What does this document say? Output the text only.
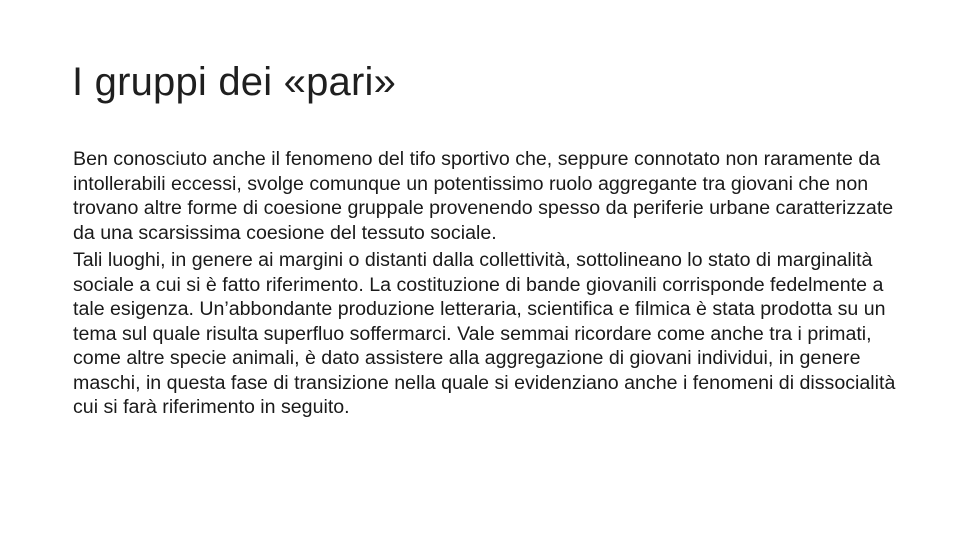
I gruppi dei «pari»

Ben conosciuto anche il fenomeno del tifo sportivo che, seppure connotato non raramente da intollerabili eccessi, svolge comunque un potentissimo ruolo aggregante tra giovani che non trovano altre forme di coesione gruppale provenendo spesso da periferie urbane caratterizzate da una scarsissima coesione del tessuto sociale.

Tali luoghi, in genere ai margini o distanti dalla collettività, sottolineano lo stato di marginalità sociale a cui si è fatto riferimento. La costituzione di bande giovanili corrisponde fedelmente a tale esigenza. Un’abbondante produzione letteraria, scientifica e filmica è stata prodotta su un tema sul quale risulta superfluo soffermarci. Vale semmai ricordare come anche tra i primati, come altre specie animali, è dato assistere alla aggregazione di giovani individui, in genere maschi, in questa fase di transizione nella quale si evidenziano anche i fenomeni di dissocialità cui si farà riferimento in seguito.
